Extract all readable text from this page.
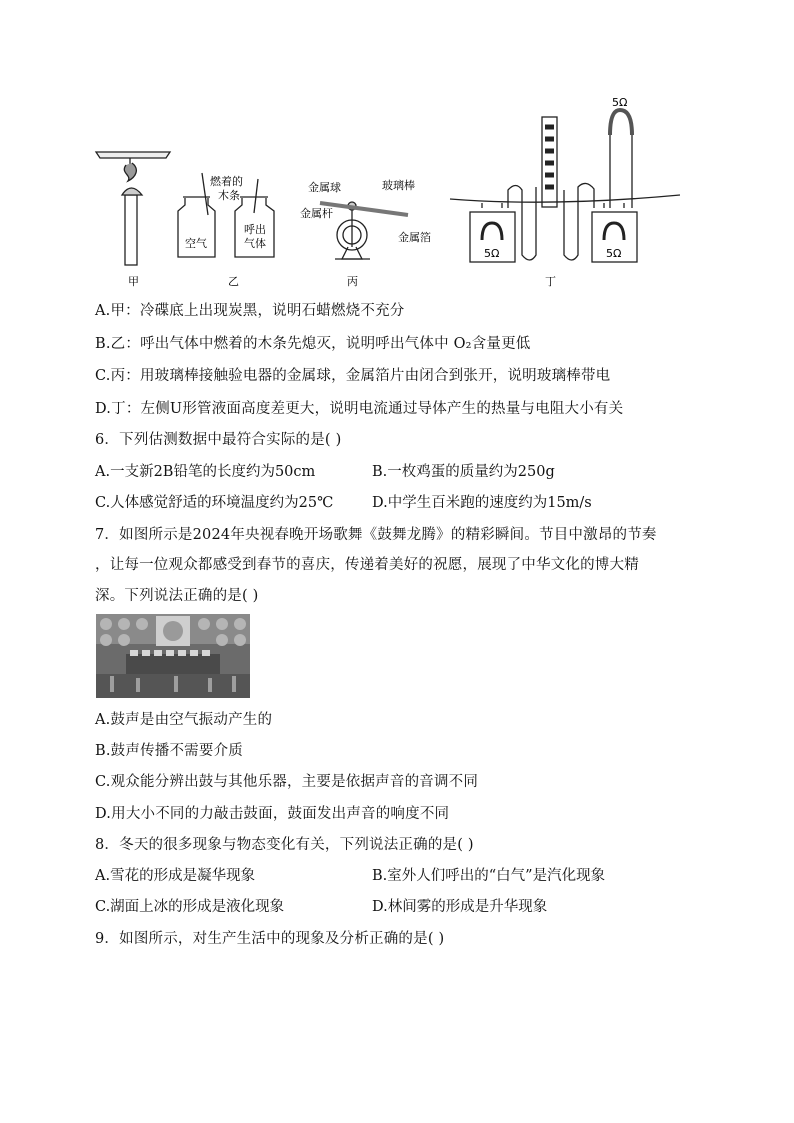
甲
燃着的
木条
空气
呼出
气体
乙
金属球	玻璃棒
金属杆
金属箔
丙
5Ω
5Ω	5Ω
丁
A.甲：冷碟底上出现炭黑，说明石蜡燃烧不充分
B.乙：呼出气体中燃着的木条先熄灭，说明呼出气体中 O₂含量更低
C.丙：用玻璃棒接触验电器的金属球，金属箔片由闭合到张开，说明玻璃棒带电
D.丁：左侧U形管液面高度差更大，说明电流通过导体产生的热量与电阻大小有关
6．下列估测数据中最符合实际的是( )
A.一支新2B铅笔的长度约为50cm	B.一枚鸡蛋的质量约为250g
C.人体感觉舒适的环境温度约为25℃	D.中学生百米跑的速度约为15m/s
7．如图所示是2024年央视春晚开场歌舞《鼓舞龙腾》的精彩瞬间。节目中激昂的节奏
，让每一位观众都感受到春节的喜庆，传递着美好的祝愿，展现了中华文化的博大精
深。下列说法正确的是( )
A.鼓声是由空气振动产生的
B.鼓声传播不需要介质
C.观众能分辨出鼓与其他乐器，主要是依据声音的音调不同
D.用大小不同的力敲击鼓面，鼓面发出声音的响度不同
8．冬天的很多现象与物态变化有关，下列说法正确的是( )
A.雪花的形成是凝华现象	B.室外人们呼出的“白气”是汽化现象
C.湖面上冰的形成是液化现象	D.林间雾的形成是升华现象
9．如图所示，对生产生活中的现象及分析正确的是( )
